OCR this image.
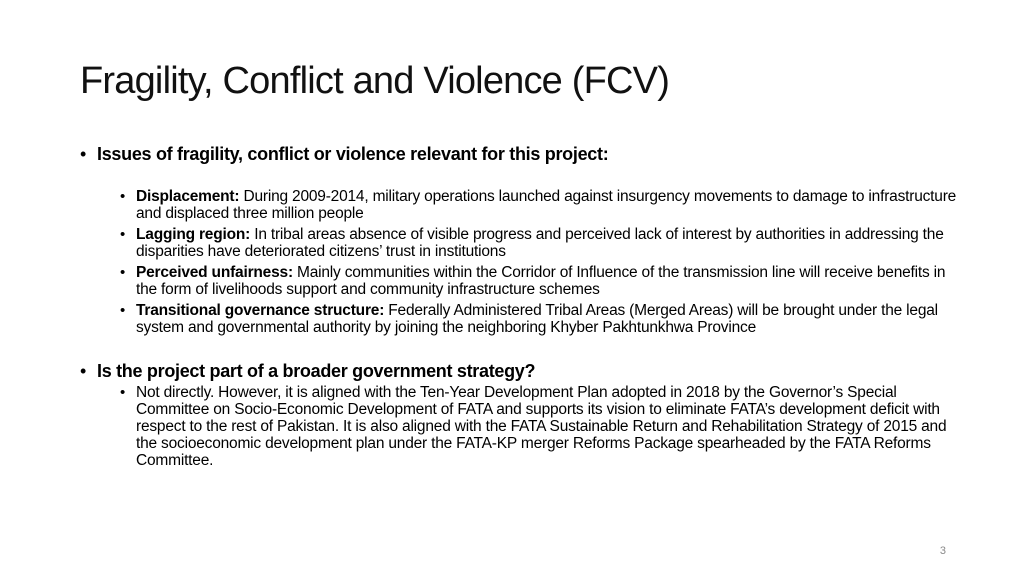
Fragility, Conflict and Violence (FCV)
• Issues of fragility, conflict or violence relevant for this project:
• Displacement: During 2009-2014, military operations launched against insurgency movements to damage to infrastructure and displaced three million people
• Lagging region: In tribal areas absence of visible progress and perceived lack of interest by authorities in addressing the disparities have deteriorated citizens’ trust in institutions
• Perceived unfairness: Mainly communities within the Corridor of Influence of the transmission line will receive benefits in the form of livelihoods support and community infrastructure schemes
• Transitional governance structure: Federally Administered Tribal Areas (Merged Areas) will be brought under the legal system and governmental authority by joining the neighboring Khyber Pakhtunkhwa Province
• Is the project part of a broader government strategy?
• Not directly. However, it is aligned with the Ten-Year Development Plan adopted in 2018 by the Governor’s Special Committee on Socio-Economic Development of FATA and supports its vision to eliminate FATA’s development deficit with respect to the rest of Pakistan. It is also aligned with the FATA Sustainable Return and Rehabilitation Strategy of 2015 and the socioeconomic development plan under the FATA-KP merger Reforms Package spearheaded by the FATA Reforms Committee.
3
